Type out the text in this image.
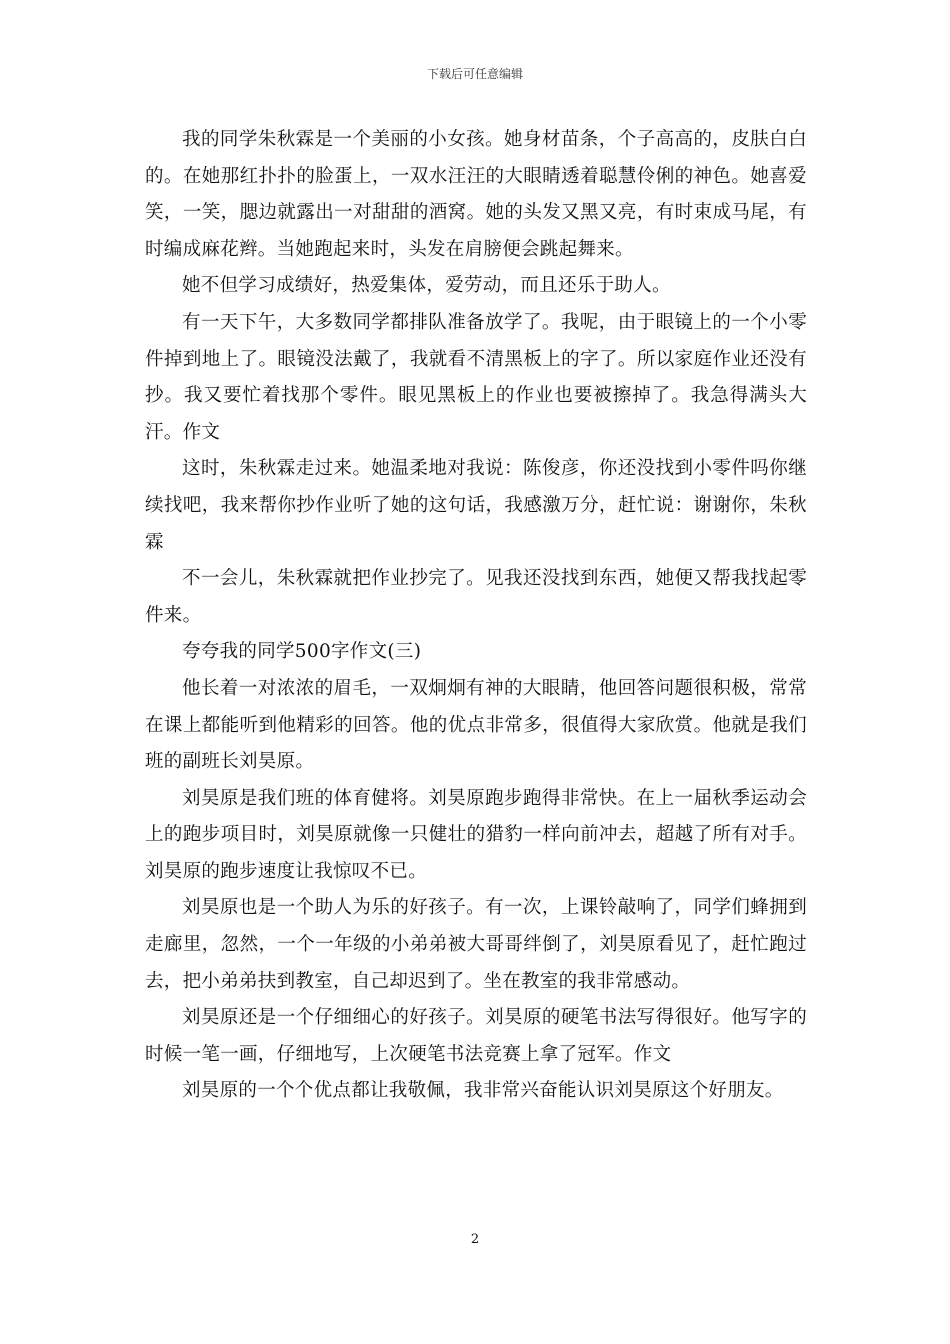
下载后可任意编辑

我的同学朱秋霖是一个美丽的小女孩。她身材苗条，个子高高的，皮肤白白的。在她那红扑扑的脸蛋上，一双水汪汪的大眼睛透着聪慧伶俐的神色。她喜爱笑，一笑，腮边就露出一对甜甜的酒窝。她的头发又黑又亮，有时束成马尾，有时编成麻花辫。当她跑起来时，头发在肩膀便会跳起舞来。

她不但学习成绩好，热爱集体，爱劳动，而且还乐于助人。

有一天下午，大多数同学都排队准备放学了。我呢，由于眼镜上的一个小零件掉到地上了。眼镜没法戴了，我就看不清黑板上的字了。所以家庭作业还没有抄。我又要忙着找那个零件。眼见黑板上的作业也要被擦掉了。我急得满头大汗。作文

这时，朱秋霖走过来。她温柔地对我说：陈俊彦，你还没找到小零件吗你继续找吧，我来帮你抄作业听了她的这句话，我感激万分，赶忙说：谢谢你，朱秋霖

不一会儿，朱秋霖就把作业抄完了。见我还没找到东西，她便又帮我找起零件来。

夸夸我的同学500字作文(三)

他长着一对浓浓的眉毛，一双炯炯有神的大眼睛，他回答问题很积极，常常在课上都能听到他精彩的回答。他的优点非常多，很值得大家欣赏。他就是我们班的副班长刘昊原。

刘昊原是我们班的体育健将。刘昊原跑步跑得非常快。在上一届秋季运动会上的跑步项目时，刘昊原就像一只健壮的猎豹一样向前冲去，超越了所有对手。刘昊原的跑步速度让我惊叹不已。

刘昊原也是一个助人为乐的好孩子。有一次，上课铃敲响了，同学们蜂拥到走廊里，忽然，一个一年级的小弟弟被大哥哥绊倒了，刘昊原看见了，赶忙跑过去，把小弟弟扶到教室，自己却迟到了。坐在教室的我非常感动。

刘昊原还是一个仔细细心的好孩子。刘昊原的硬笔书法写得很好。他写字的时候一笔一画，仔细地写，上次硬笔书法竞赛上拿了冠军。作文

刘昊原的一个个优点都让我敬佩，我非常兴奋能认识刘昊原这个好朋友。

2
